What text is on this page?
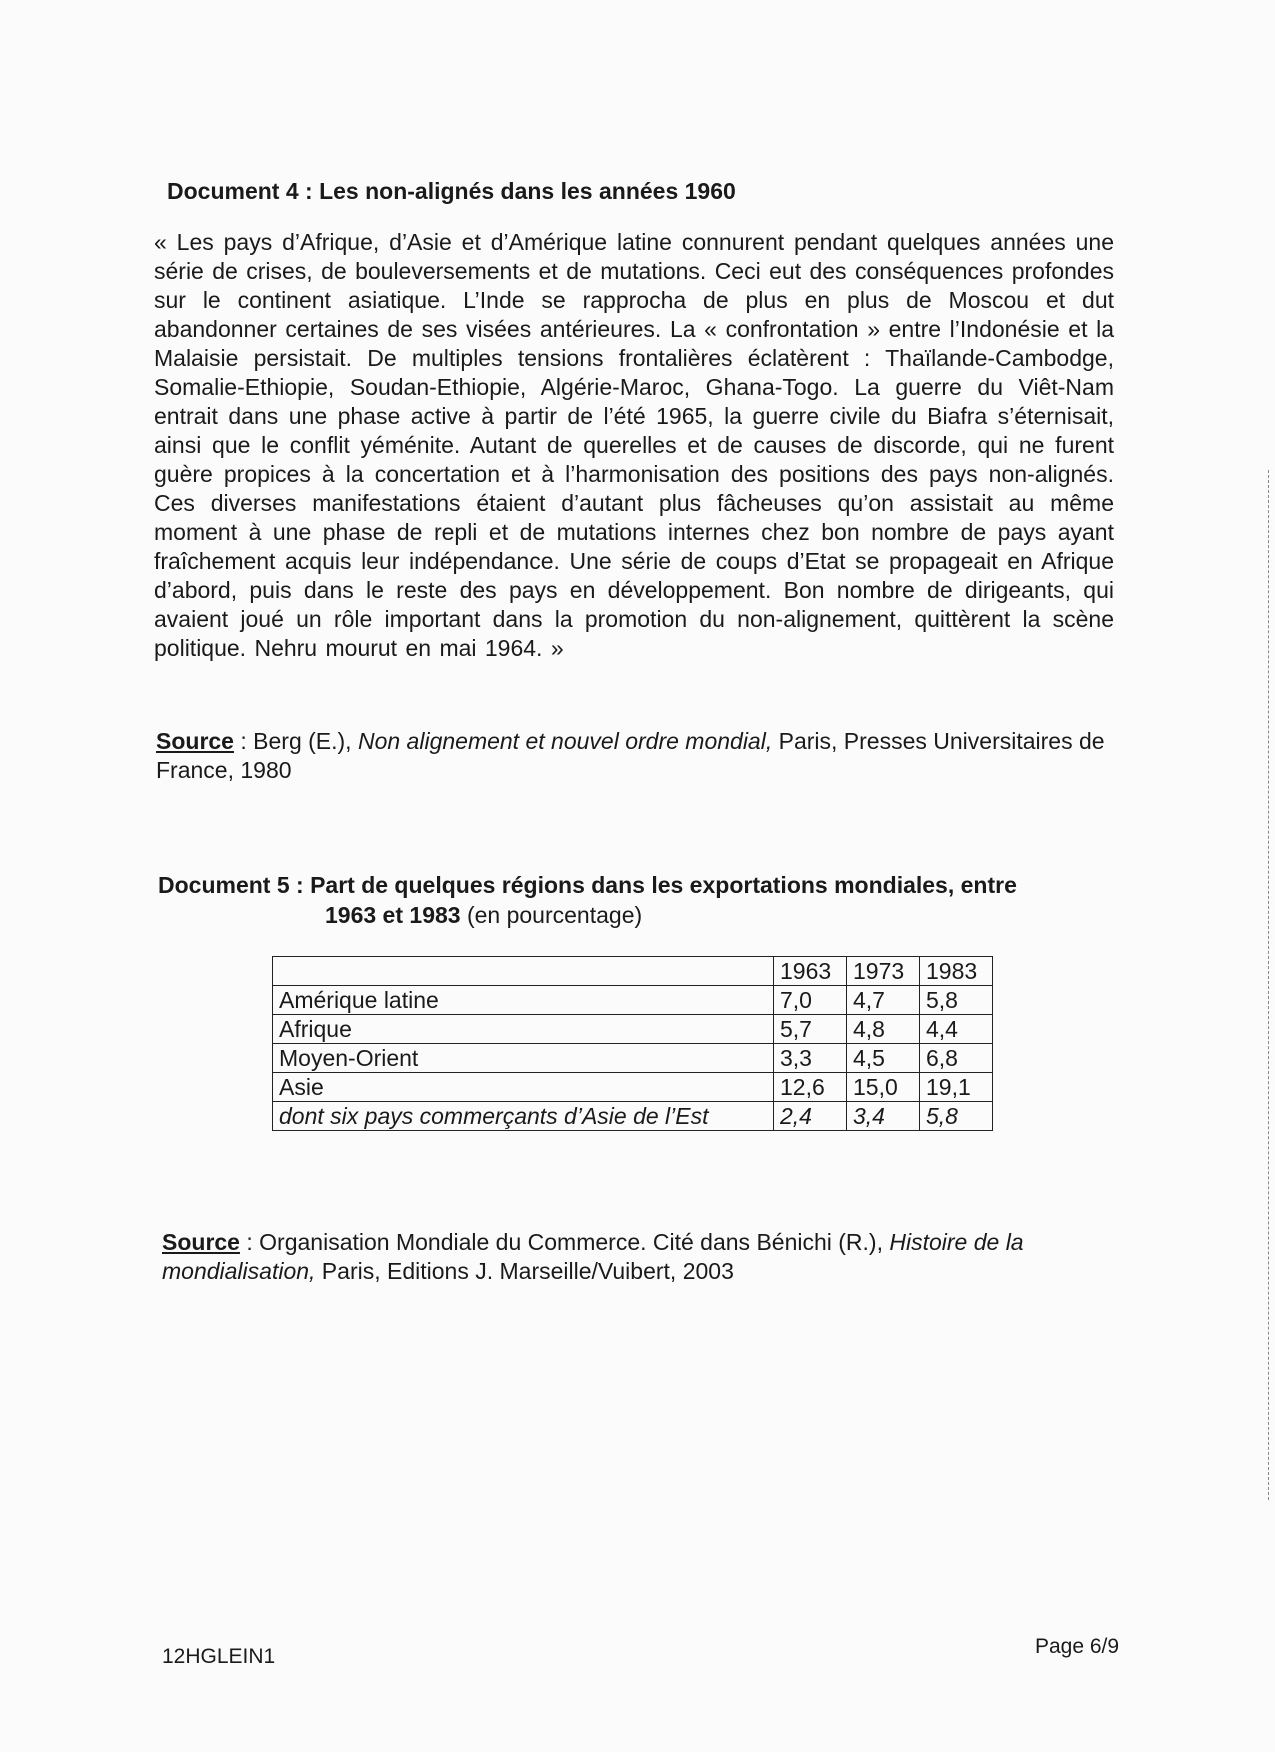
Document 4 : Les non-alignés dans les années 1960

« Les pays d’Afrique, d’Asie et d’Amérique latine connurent pendant quelques années une série de crises, de bouleversements et de mutations. Ceci eut des conséquences profondes sur le continent asiatique. L’Inde se rapprocha de plus en plus de Moscou et dut abandonner certaines de ses visées antérieures. La « confrontation » entre l’Indonésie et la Malaisie persistait. De multiples tensions frontalières éclatèrent : Thaïlande-Cambodge, Somalie-Ethiopie, Soudan-Ethiopie, Algérie-Maroc, Ghana-Togo. La guerre du Viêt-Nam entrait dans une phase active à partir de l’été 1965, la guerre civile du Biafra s’éternisait, ainsi que le conflit yéménite. Autant de querelles et de causes de discorde, qui ne furent guère propices à la concertation et à l’harmonisation des positions des pays non-alignés. Ces diverses manifestations étaient d’autant plus fâcheuses qu’on assistait au même moment à une phase de repli et de mutations internes chez bon nombre de pays ayant fraîchement acquis leur indépendance. Une série de coups d’Etat se propageait en Afrique d’abord, puis dans le reste des pays en développement. Bon nombre de dirigeants, qui avaient joué un rôle important dans la promotion du non-alignement, quittèrent la scène politique. Nehru mourut en mai 1964. »

Source : Berg (E.), Non alignement et nouvel ordre mondial, Paris, Presses Universitaires de France, 1980

Document 5 : Part de quelques régions dans les exportations mondiales, entre
1963 et 1983 (en pourcentage)

	1963	1973	1983
Amérique latine	7,0	4,7	5,8
Afrique	5,7	4,8	4,4
Moyen-Orient	3,3	4,5	6,8
Asie	12,6	15,0	19,1
dont six pays commerçants d’Asie de l’Est	2,4	3,4	5,8

Source : Organisation Mondiale du Commerce. Cité dans Bénichi (R.), Histoire de la mondialisation, Paris, Editions J. Marseille/Vuibert, 2003

12HGLEIN1	Page 6/9
